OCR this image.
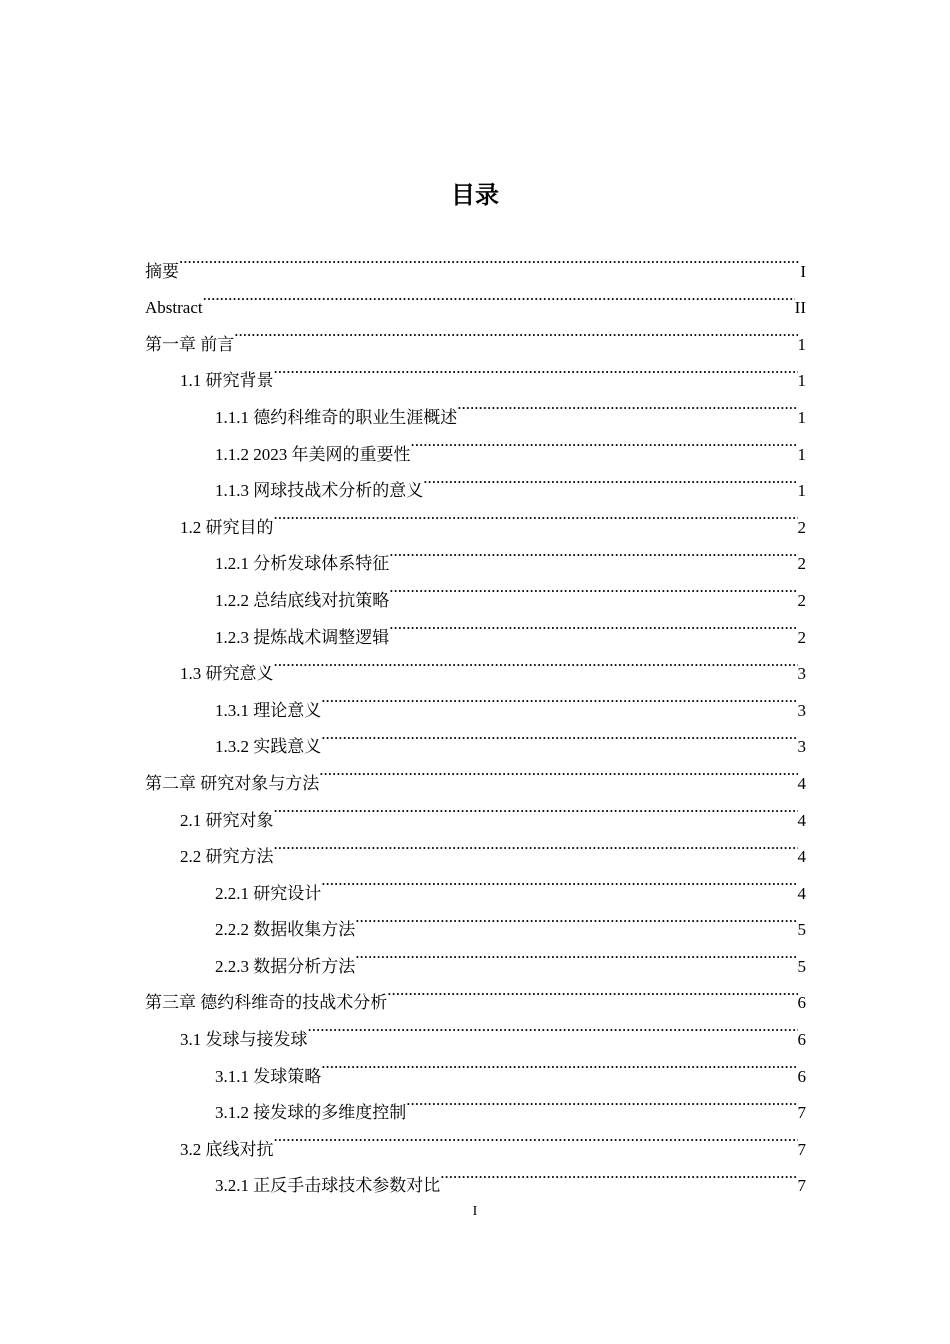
目录
摘要 .....	I
Abstract .....	II
第一章 前言 .....	1
1.1 研究背景 .....	1
1.1.1 德约科维奇的职业生涯概述 .....	1
1.1.2 2023 年美网的重要性 .....	1
1.1.3 网球技战术分析的意义 .....	1
1.2 研究目的 .....	2
1.2.1 分析发球体系特征 .....	2
1.2.2 总结底线对抗策略 .....	2
1.2.3 提炼战术调整逻辑 .....	2
1.3 研究意义 .....	3
1.3.1 理论意义 .....	3
1.3.2 实践意义 .....	3
第二章 研究对象与方法 .....	4
2.1 研究对象 .....	4
2.2 研究方法 .....	4
2.2.1 研究设计 .....	4
2.2.2 数据收集方法 .....	5
2.2.3 数据分析方法 .....	5
第三章 德约科维奇的技战术分析 .....	6
3.1 发球与接发球 .....	6
3.1.1 发球策略 .....	6
3.1.2 接发球的多维度控制 .....	7
3.2 底线对抗 .....	7
3.2.1 正反手击球技术参数对比 .....	7
I
